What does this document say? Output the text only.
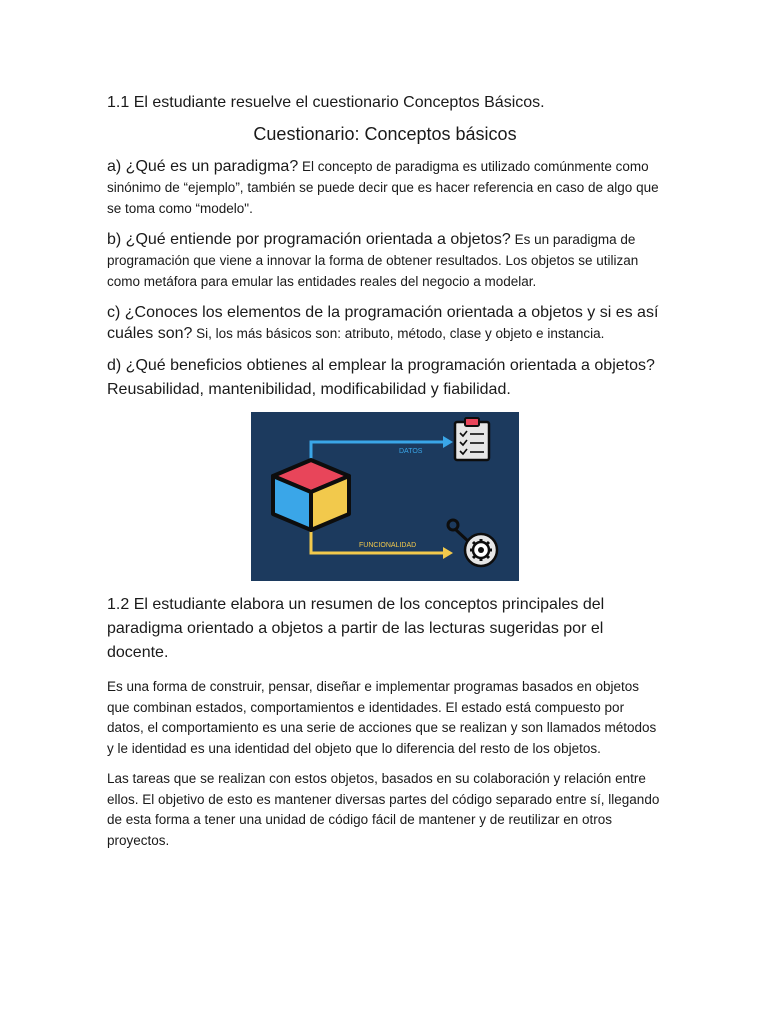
1.1 El estudiante resuelve el cuestionario Conceptos Básicos.

Cuestionario: Conceptos básicos

a) ¿Qué es un paradigma? El concepto de paradigma es utilizado comúnmente como sinónimo de “ejemplo”, también se puede decir que es hacer referencia en caso de algo que se toma como “modelo".

b) ¿Qué entiende por programación orientada a objetos? Es un paradigma de programación que viene a innovar la forma de obtener resultados. Los objetos se utilizan como metáfora para emular las entidades reales del negocio a modelar.

c) ¿Conoces los elementos de la programación orientada a objetos y si es así cuáles son? Si, los más básicos son: atributo, método, clase y objeto e instancia.

d) ¿Qué beneficios obtienes al emplear la programación orientada a objetos?
Reusabilidad, mantenibilidad, modificabilidad y fiabilidad.

DATOS
FUNCIONALIDAD

1.2 El estudiante elabora un resumen de los conceptos principales del paradigma orientado a objetos a partir de las lecturas sugeridas por el docente.

Es una forma de construir, pensar, diseñar e implementar programas basados en objetos que combinan estados, comportamientos e identidades. El estado está compuesto por datos, el comportamiento es una serie de acciones que se realizan y son llamados métodos y le identidad es una identidad del objeto que lo diferencia del resto de los objetos.

Las tareas que se realizan con estos objetos, basados en su colaboración y relación entre ellos. El objetivo de esto es mantener diversas partes del código separado entre sí, llegando de esta forma a tener una unidad de código fácil de mantener y de reutilizar en otros proyectos.
